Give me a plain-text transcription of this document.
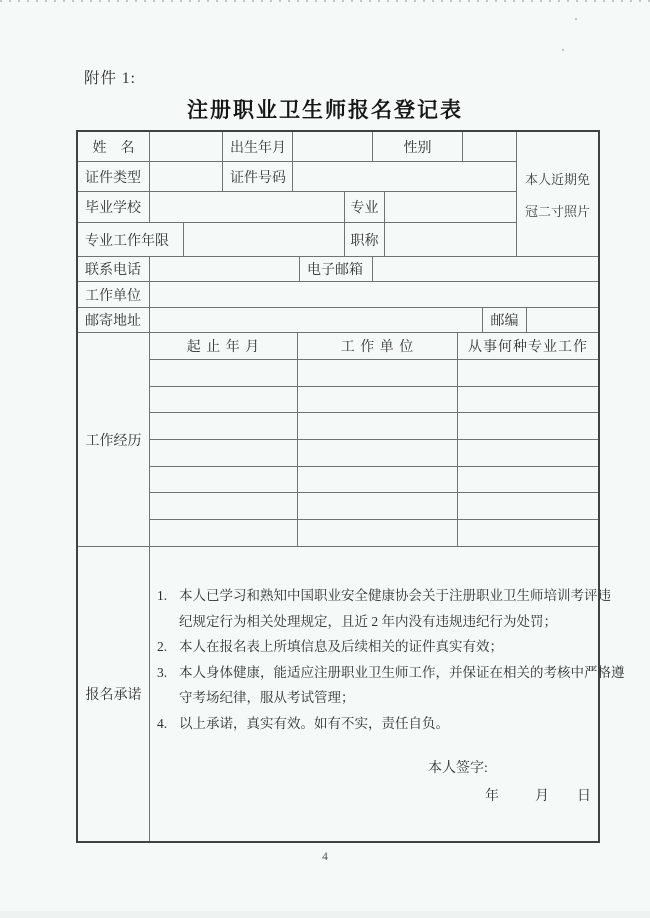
附件 1:
注册职业卫生师报名登记表
姓　名	出生年月	性别
本人近期免
冠二寸照片
证件类型	证件号码
毕业学校	专业
专业工作年限	职称
联系电话	电子邮箱
工作单位
邮寄地址	邮编
工作经历
起 止 年 月	工 作 单 位	从事何种专业工作
报名承诺
1. 本人已学习和熟知中国职业安全健康协会关于注册职业卫生师培训考评违
纪规定行为相关处理规定，且近 2 年内没有违规违纪行为处罚；
2. 本人在报名表上所填信息及后续相关的证件真实有效；
3. 本人身体健康，能适应注册职业卫生师工作，并保证在相关的考核中严格遵
守考场纪律，服从考试管理；
4. 以上承诺，真实有效。如有不实，责任自负。
本人签字:
年	月 日
4
